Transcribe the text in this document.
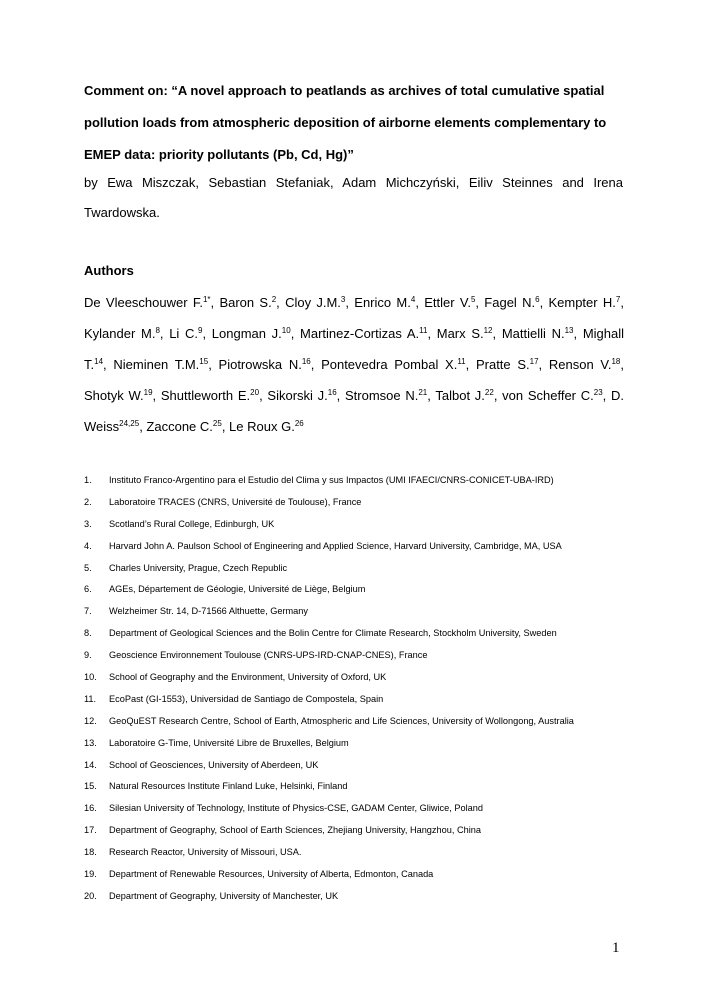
Comment on: “A novel approach to peatlands as archives of total cumulative spatial pollution loads from atmospheric deposition of airborne elements complementary to EMEP data: priority pollutants (Pb, Cd, Hg)”

by Ewa Miszczak, Sebastian Stefaniak, Adam Michczyński, Eiliv Steinnes and Irena Twardowska.

Authors

De Vleeschouwer F.$^{1*}$, Baron S.$^2$, Cloy J.M.$^3$, Enrico M.$^4$, Ettler V.$^5$, Fagel N.$^6$, Kempter H.$^7$, Kylander M.$^8$, Li C.$^9$, Longman J.$^{10}$, Martinez-Cortizas A.$^{11}$, Marx S.$^{12}$, Mattielli N.$^{13}$, Mighall T.$^{14}$, Nieminen T.M.$^{15}$, Piotrowska N.$^{16}$, Pontevedra Pombal X.$^{11}$, Pratte S.$^{17}$, Renson V.$^{18}$, Shotyk W.$^{19}$, Shuttleworth E.$^{20}$, Sikorski J.$^{16}$, Stromsoe N.$^{21}$, Talbot J.$^{22}$, von Scheffer C.$^{23}$, D. Weiss$^{24,25}$, Zaccone C.$^{25}$, Le Roux G.$^{26}$

1. Instituto Franco-Argentino para el Estudio del Clima y sus Impactos (UMI IFAECI/CNRS-CONICET-UBA-IRD)
2. Laboratoire TRACES (CNRS, Université de Toulouse), France
3. Scotland’s Rural College, Edinburgh, UK
4. Harvard John A. Paulson School of Engineering and Applied Science, Harvard University, Cambridge, MA, USA
5. Charles University, Prague, Czech Republic
6. AGEs, Département de Géologie, Université de Liège, Belgium
7. Welzheimer Str. 14, D-71566 Althuette, Germany
8. Department of Geological Sciences and the Bolin Centre for Climate Research, Stockholm University, Sweden
9. Geoscience Environnement Toulouse (CNRS-UPS-IRD-CNAP-CNES), France
10. School of Geography and the Environment, University of Oxford, UK
11. EcoPast (GI-1553), Universidad de Santiago de Compostela, Spain
12. GeoQuEST Research Centre, School of Earth, Atmospheric and Life Sciences, University of Wollongong, Australia
13. Laboratoire G-Time, Université Libre de Bruxelles, Belgium
14. School of Geosciences, University of Aberdeen, UK
15. Natural Resources Institute Finland Luke, Helsinki, Finland
16. Silesian University of Technology, Institute of Physics-CSE, GADAM Center, Gliwice, Poland
17. Department of Geography, School of Earth Sciences, Zhejiang University, Hangzhou, China
18. Research Reactor, University of Missouri, USA.
19. Department of Renewable Resources, University of Alberta, Edmonton, Canada
20. Department of Geography, University of Manchester, UK
1
